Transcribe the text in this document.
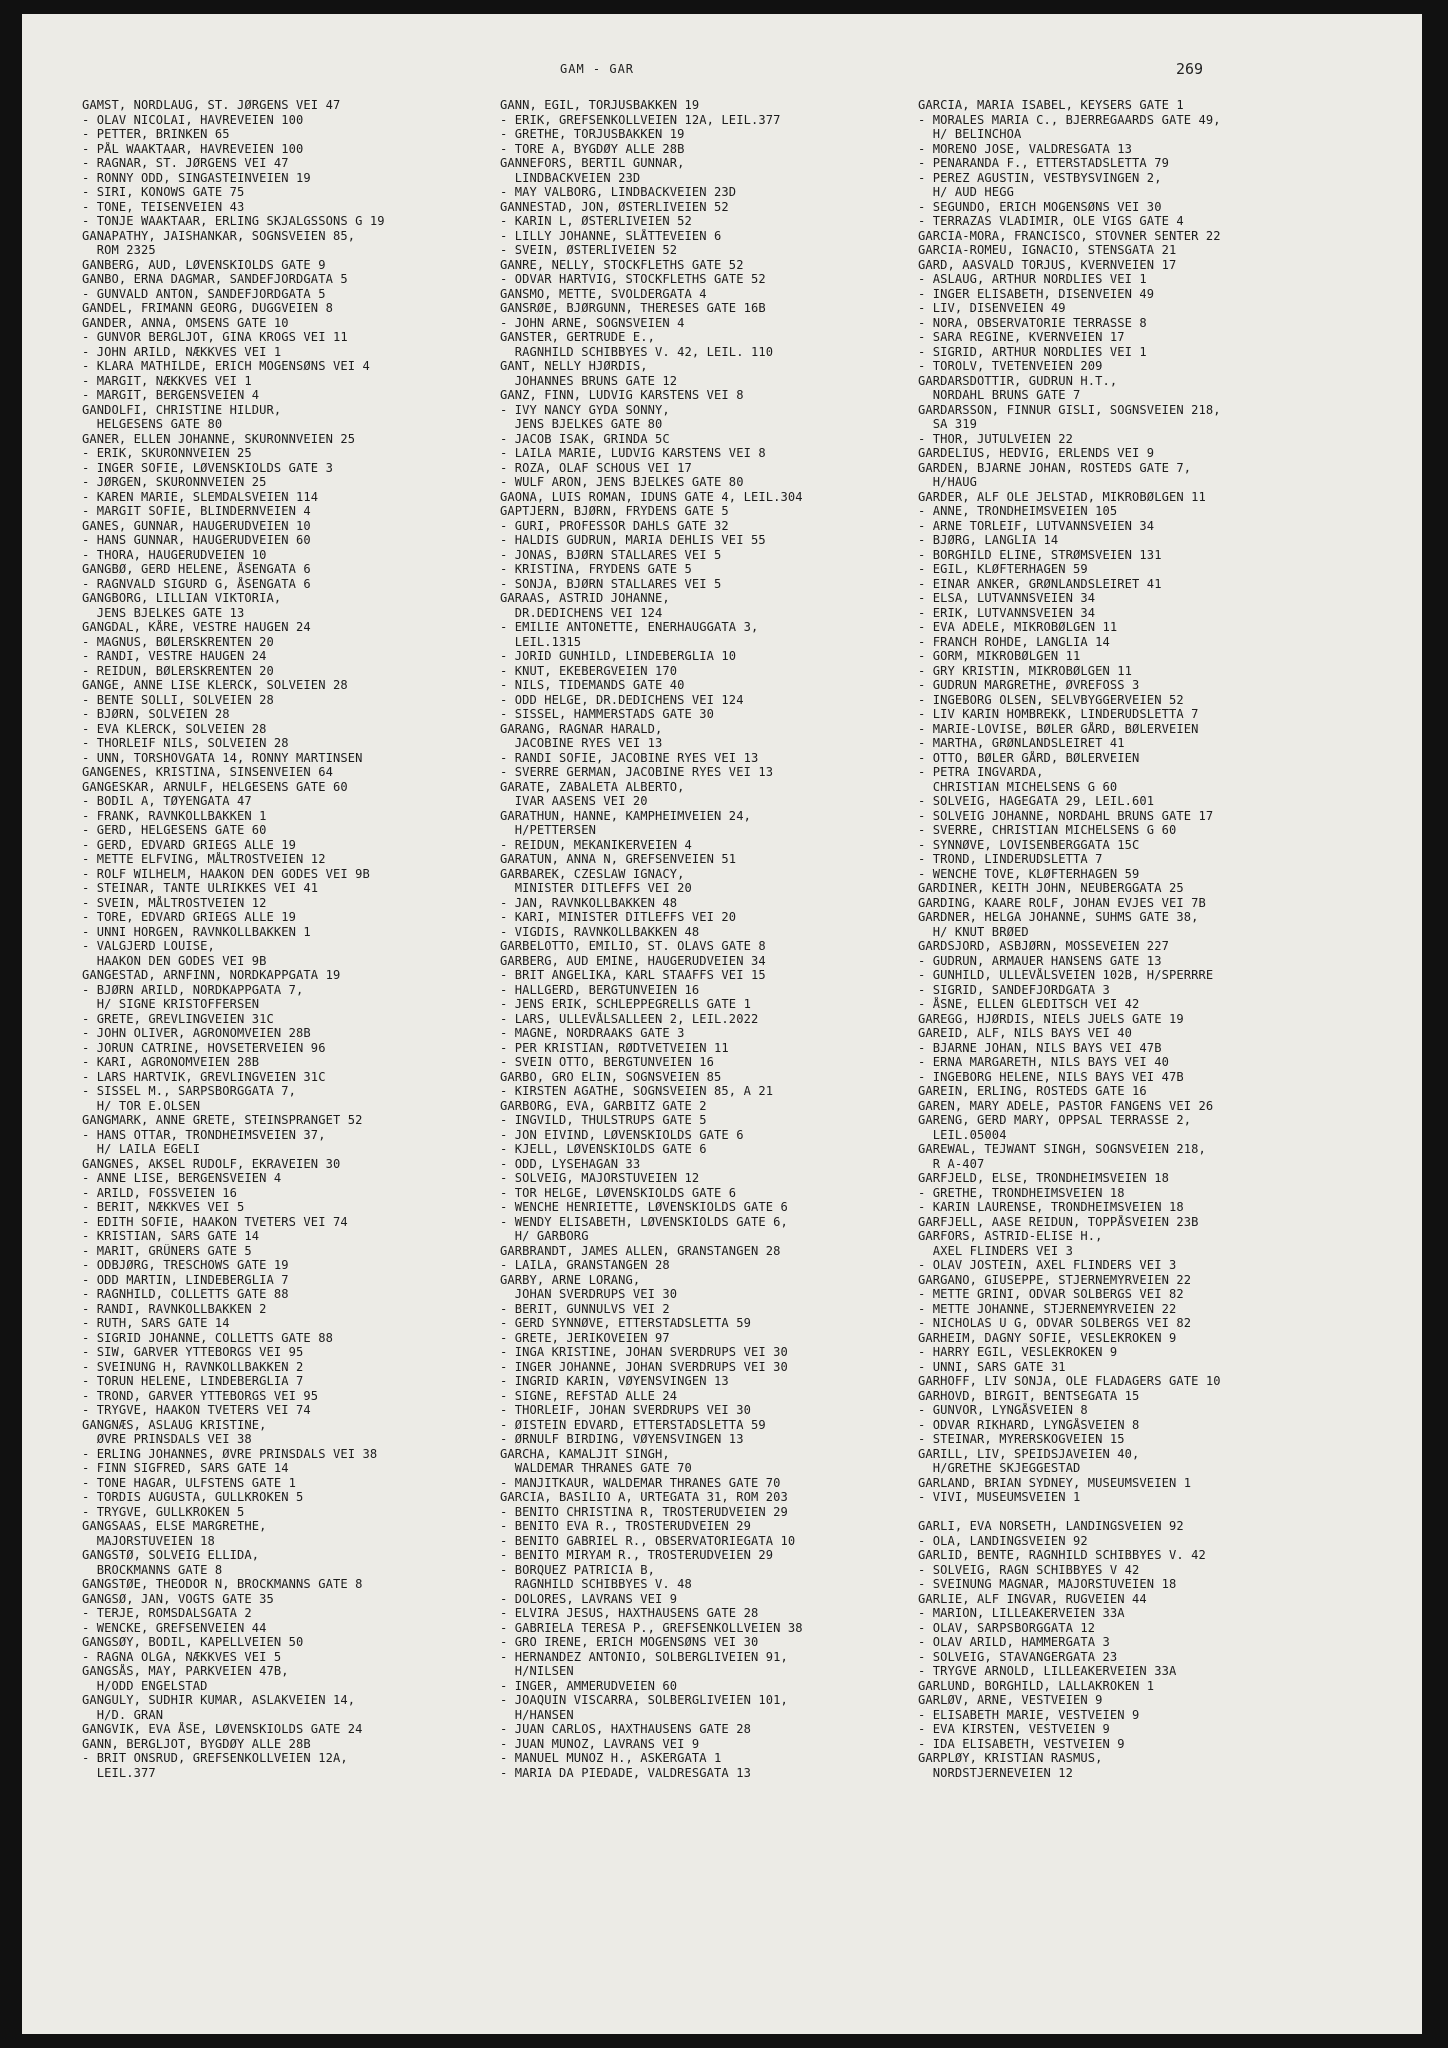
GAM - GAR	269
GAMST, NORDLAUG, ST. JØRGENS VEI 47
- OLAV NICOLAI, HAVREVEIEN 100
- PETTER, BRINKEN 65
- PÅL WAAKTAAR, HAVREVEIEN 100
- RAGNAR, ST. JØRGENS VEI 47
- RONNY ODD, SINGASTEINVEIEN 19
- SIRI, KONOWS GATE 75
- TONE, TEISENVEIEN 43
- TONJE WAAKTAAR, ERLING SKJALGSSONS G 19
GANAPATHY, JAISHANKAR, SOGNSVEIEN 85,
ROM 2325
GANBERG, AUD, LØVENSKIOLDS GATE 9
GANBO, ERNA DAGMAR, SANDEFJORDGATA 5
- GUNVALD ANTON, SANDEFJORDGATA 5
GANDEL, FRIMANN GEORG, DUGGVEIEN 8
GANDER, ANNA, OMSENS GATE 10
- GUNVOR BERGLJOT, GINA KROGS VEI 11
- JOHN ARILD, NÆKKVES VEI 1
- KLARA MATHILDE, ERICH MOGENSØNS VEI 4
- MARGIT, NÆKKVES VEI 1
- MARGIT, BERGENSVEIEN 4
GANDOLFI, CHRISTINE HILDUR,
HELGESENS GATE 80
GANER, ELLEN JOHANNE, SKURONNVEIEN 25
- ERIK, SKURONNVEIEN 25
- INGER SOFIE, LØVENSKIOLDS GATE 3
- JØRGEN, SKURONNVEIEN 25
- KAREN MARIE, SLEMDALSVEIEN 114
- MARGIT SOFIE, BLINDERNVEIEN 4
GANES, GUNNAR, HAUGERUDVEIEN 10
- HANS GUNNAR, HAUGERUDVEIEN 60
- THORA, HAUGERUDVEIEN 10
GANGBØ, GERD HELENE, ÅSENGATA 6
- RAGNVALD SIGURD G, ÅSENGATA 6
GANGBORG, LILLIAN VIKTORIA,
JENS BJELKES GATE 13
GANGDAL, KÅRE, VESTRE HAUGEN 24
- MAGNUS, BØLERSKRENTEN 20
- RANDI, VESTRE HAUGEN 24
- REIDUN, BØLERSKRENTEN 20
GANGE, ANNE LISE KLERCK, SOLVEIEN 28
- BENTE SOLLI, SOLVEIEN 28
- BJØRN, SOLVEIEN 28
- EVA KLERCK, SOLVEIEN 28
- THORLEIF NILS, SOLVEIEN 28
- UNN, TORSHOVGATA 14, RONNY MARTINSEN
GANGENES, KRISTINA, SINSENVEIEN 64
GANGESKAR, ARNULF, HELGESENS GATE 60
- BODIL A, TØYENGATA 47
- FRANK, RAVNKOLLBAKKEN 1
- GERD, HELGESENS GATE 60
- GERD, EDVARD GRIEGS ALLE 19
- METTE ELFVING, MÅLTROSTVEIEN 12
- ROLF WILHELM, HAAKON DEN GODES VEI 9B
- STEINAR, TANTE ULRIKKES VEI 41
- SVEIN, MÅLTROSTVEIEN 12
- TORE, EDVARD GRIEGS ALLE 19
- UNNI HORGEN, RAVNKOLLBAKKEN 1
- VALGJERD LOUISE,
HAAKON DEN GODES VEI 9B
GANGESTAD, ARNFINN, NORDKAPPGATA 19
- BJØRN ARILD, NORDKAPPGATA 7,
H/ SIGNE KRISTOFFERSEN
- GRETE, GREVLINGVEIEN 31C
- JOHN OLIVER, AGRONOMVEIEN 28B
- JORUN CATRINE, HOVSETERVEIEN 96
- KARI, AGRONOMVEIEN 28B
- LARS HARTVIK, GREVLINGVEIEN 31C
- SISSEL M., SARPSBORGGATA 7,
H/ TOR E.OLSEN
GANGMARK, ANNE GRETE, STEINSPRANGET 52
- HANS OTTAR, TRONDHEIMSVEIEN 37,
H/ LAILA EGELI
GANGNES, AKSEL RUDOLF, EKRAVEIEN 30
- ANNE LISE, BERGENSVEIEN 4
- ARILD, FOSSVEIEN 16
- BERIT, NÆKKVES VEI 5
- EDITH SOFIE, HAAKON TVETERS VEI 74
- KRISTIAN, SARS GATE 14
- MARIT, GRÜNERS GATE 5
- ODBJØRG, TRESCHOWS GATE 19
- ODD MARTIN, LINDEBERGLIA 7
- RAGNHILD, COLLETTS GATE 88
- RANDI, RAVNKOLLBAKKEN 2
- RUTH, SARS GATE 14
- SIGRID JOHANNE, COLLETTS GATE 88
- SIW, GARVER YTTEBORGS VEI 95
- SVEINUNG H, RAVNKOLLBAKKEN 2
- TORUN HELENE, LINDEBERGLIA 7
- TROND, GARVER YTTEBORGS VEI 95
- TRYGVE, HAAKON TVETERS VEI 74
GANGNÆS, ASLAUG KRISTINE,
ØVRE PRINSDALS VEI 38
- ERLING JOHANNES, ØVRE PRINSDALS VEI 38
- FINN SIGFRED, SARS GATE 14
- TONE HAGAR, ULFSTENS GATE 1
- TORDIS AUGUSTA, GULLKROKEN 5
- TRYGVE, GULLKROKEN 5
GANGSAAS, ELSE MARGRETHE,
MAJORSTUVEIEN 18
GANGSTØ, SOLVEIG ELLIDA,
BROCKMANNS GATE 8
GANGSTØE, THEODOR N, BROCKMANNS GATE 8
GANGSØ, JAN, VOGTS GATE 35
- TERJE, ROMSDALSGATA 2
- WENCKE, GREFSENVEIEN 44
GANGSØY, BODIL, KAPELLVEIEN 50
- RAGNA OLGA, NÆKKVES VEI 5
GANGSÅS, MAY, PARKVEIEN 47B,
H/ODD ENGELSTAD
GANGULY, SUDHIR KUMAR, ASLAKVEIEN 14,
H/D. GRAN
GANGVIK, EVA ÅSE, LØVENSKIOLDS GATE 24
GANN, BERGLJOT, BYGDØY ALLE 28B
- BRIT ONSRUD, GREFSENKOLLVEIEN 12A,
LEIL.377
GANN, EGIL, TORJUSBAKKEN 19
- ERIK, GREFSENKOLLVEIEN 12A, LEIL.377
- GRETHE, TORJUSBAKKEN 19
- TORE A, BYGDØY ALLE 28B
GANNEFORS, BERTIL GUNNAR,
LINDBACKVEIEN 23D
- MAY VALBORG, LINDBACKVEIEN 23D
GANNESTAD, JON, ØSTERLIVEIEN 52
- KARIN L, ØSTERLIVEIEN 52
- LILLY JOHANNE, SLÅTTEVEIEN 6
- SVEIN, ØSTERLIVEIEN 52
GANRE, NELLY, STOCKFLETHS GATE 52
- ODVAR HARTVIG, STOCKFLETHS GATE 52
GANSMO, METTE, SVOLDERGATA 4
GANSRØE, BJØRGUNN, THERESES GATE 16B
- JOHN ARNE, SOGNSVEIEN 4
GANSTER, GERTRUDE E.,
RAGNHILD SCHIBBYES V. 42, LEIL. 110
GANT, NELLY HJØRDIS,
JOHANNES BRUNS GATE 12
GANZ, FINN, LUDVIG KARSTENS VEI 8
- IVY NANCY GYDA SONNY,
JENS BJELKES GATE 80
- JACOB ISAK, GRINDA 5C
- LAILA MARIE, LUDVIG KARSTENS VEI 8
- ROZA, OLAF SCHOUS VEI 17
- WULF ARON, JENS BJELKES GATE 80
GAONA, LUIS ROMAN, IDUNS GATE 4, LEIL.304
GAPTJERN, BJØRN, FRYDENS GATE 5
- GURI, PROFESSOR DAHLS GATE 32
- HALDIS GUDRUN, MARIA DEHLIS VEI 55
- JONAS, BJØRN STALLARES VEI 5
- KRISTINA, FRYDENS GATE 5
- SONJA, BJØRN STALLARES VEI 5
GARAAS, ASTRID JOHANNE,
DR.DEDICHENS VEI 124
- EMILIE ANTONETTE, ENERHAUGGATA 3,
LEIL.1315
- JORID GUNHILD, LINDEBERGLIA 10
- KNUT, EKEBERGVEIEN 170
- NILS, TIDEMANDS GATE 40
- ODD HELGE, DR.DEDICHENS VEI 124
- SISSEL, HAMMERSTADS GATE 30
GARANG, RAGNAR HARALD,
JACOBINE RYES VEI 13
- RANDI SOFIE, JACOBINE RYES VEI 13
- SVERRE GERMAN, JACOBINE RYES VEI 13
GARATE, ZABALETA ALBERTO,
IVAR AASENS VEI 20
GARATHUN, HANNE, KAMPHEIMVEIEN 24,
H/PETTERSEN
- REIDUN, MEKANIKERVEIEN 4
GARATUN, ANNA N, GREFSENVEIEN 51
GARBAREK, CZESLAW IGNACY,
MINISTER DITLEFFS VEI 20
- JAN, RAVNKOLLBAKKEN 48
- KARI, MINISTER DITLEFFS VEI 20
- VIGDIS, RAVNKOLLBAKKEN 48
GARBELOTTO, EMILIO, ST. OLAVS GATE 8
GARBERG, AUD EMINE, HAUGERUDVEIEN 34
- BRIT ANGELIKA, KARL STAAFFS VEI 15
- HALLGERD, BERGTUNVEIEN 16
- JENS ERIK, SCHLEPPEGRELLS GATE 1
- LARS, ULLEVÅLSALLEEN 2, LEIL.2022
- MAGNE, NORDRAAKS GATE 3
- PER KRISTIAN, RØDTVETVEIEN 11
- SVEIN OTTO, BERGTUNVEIEN 16
GARBO, GRO ELIN, SOGNSVEIEN 85
- KIRSTEN AGATHE, SOGNSVEIEN 85, A 21
GARBORG, EVA, GARBITZ GATE 2
- INGVILD, THULSTRUPS GATE 5
- JON EIVIND, LØVENSKIOLDS GATE 6
- KJELL, LØVENSKIOLDS GATE 6
- ODD, LYSEHAGAN 33
- SOLVEIG, MAJORSTUVEIEN 12
- TOR HELGE, LØVENSKIOLDS GATE 6
- WENCHE HENRIETTE, LØVENSKIOLDS GATE 6
- WENDY ELISABETH, LØVENSKIOLDS GATE 6,
H/ GARBORG
GARBRANDT, JAMES ALLEN, GRANSTANGEN 28
- LAILA, GRANSTANGEN 28
GARBY, ARNE LORANG,
JOHAN SVERDRUPS VEI 30
- BERIT, GUNNULVS VEI 2
- GERD SYNNØVE, ETTERSTADSLETTA 59
- GRETE, JERIKOVEIEN 97
- INGA KRISTINE, JOHAN SVERDRUPS VEI 30
- INGER JOHANNE, JOHAN SVERDRUPS VEI 30
- INGRID KARIN, VØYENSVINGEN 13
- SIGNE, REFSTAD ALLE 24
- THORLEIF, JOHAN SVERDRUPS VEI 30
- ØISTEIN EDVARD, ETTERSTADSLETTA 59
- ØRNULF BIRDING, VØYENSVINGEN 13
GARCHA, KAMALJIT SINGH,
WALDEMAR THRANES GATE 70
- MANJITKAUR, WALDEMAR THRANES GATE 70
GARCIA, BASILIO A, URTEGATA 31, ROM 203
- BENITO CHRISTINA R, TROSTERUDVEIEN 29
- BENITO EVA R., TROSTERUDVEIEN 29
- BENITO GABRIEL R., OBSERVATORIEGATA 10
- BENITO MIRYAM R., TROSTERUDVEIEN 29
- BORQUEZ PATRICIA B,
RAGNHILD SCHIBBYES V. 48
- DOLORES, LAVRANS VEI 9
- ELVIRA JESUS, HAXTHAUSENS GATE 28
- GABRIELA TERESA P., GREFSENKOLLVEIEN 38
- GRO IRENE, ERICH MOGENSØNS VEI 30
- HERNANDEZ ANTONIO, SOLBERGLIVEIEN 91,
H/NILSEN
- INGER, AMMERUDVEIEN 60
- JOAQUIN VISCARRA, SOLBERGLIVEIEN 101,
H/HANSEN
- JUAN CARLOS, HAXTHAUSENS GATE 28
- JUAN MUNOZ, LAVRANS VEI 9
- MANUEL MUNOZ H., ASKERGATA 1
- MARIA DA PIEDADE, VALDRESGATA 13
GARCIA, MARIA ISABEL, KEYSERS GATE 1
- MORALES MARIA C., BJERREGAARDS GATE 49,
H/ BELINCHOA
- MORENO JOSE, VALDRESGATA 13
- PENARANDA F., ETTERSTADSLETTA 79
- PEREZ AGUSTIN, VESTBYSVINGEN 2,
H/ AUD HEGG
- SEGUNDO, ERICH MOGENSØNS VEI 30
- TERRAZAS VLADIMIR, OLE VIGS GATE 4
GARCIA-MORA, FRANCISCO, STOVNER SENTER 22
GARCIA-ROMEU, IGNACIO, STENSGATA 21
GARD, AASVALD TORJUS, KVERNVEIEN 17
- ASLAUG, ARTHUR NORDLIES VEI 1
- INGER ELISABETH, DISENVEIEN 49
- LIV, DISENVEIEN 49
- NORA, OBSERVATORIE TERRASSE 8
- SARA REGINE, KVERNVEIEN 17
- SIGRID, ARTHUR NORDLIES VEI 1
- TOROLV, TVETENVEIEN 209
GARDARSDOTTIR, GUDRUN H.T.,
NORDAHL BRUNS GATE 7
GARDARSSON, FINNUR GISLI, SOGNSVEIEN 218,
SA 319
- THOR, JUTULVEIEN 22
GARDELIUS, HEDVIG, ERLENDS VEI 9
GARDEN, BJARNE JOHAN, ROSTEDS GATE 7,
H/HAUG
GARDER, ALF OLE JELSTAD, MIKROBØLGEN 11
- ANNE, TRONDHEIMSVEIEN 105
- ARNE TORLEIF, LUTVANNSVEIEN 34
- BJØRG, LANGLIA 14
- BORGHILD ELINE, STRØMSVEIEN 131
- EGIL, KLØFTERHAGEN 59
- EINAR ANKER, GRØNLANDSLEIRET 41
- ELSA, LUTVANNSVEIEN 34
- ERIK, LUTVANNSVEIEN 34
- EVA ADELE, MIKROBØLGEN 11
- FRANCH ROHDE, LANGLIA 14
- GORM, MIKROBØLGEN 11
- GRY KRISTIN, MIKROBØLGEN 11
- GUDRUN MARGRETHE, ØVREFOSS 3
- INGEBORG OLSEN, SELVBYGGERVEIEN 52
- LIV KARIN HOMBREKK, LINDERUDSLETTA 7
- MARIE-LOVISE, BØLER GÅRD, BØLERVEIEN
- MARTHA, GRØNLANDSLEIRET 41
- OTTO, BØLER GÅRD, BØLERVEIEN
- PETRA INGVARDA,
CHRISTIAN MICHELSENS G 60
- SOLVEIG, HAGEGATA 29, LEIL.601
- SOLVEIG JOHANNE, NORDAHL BRUNS GATE 17
- SVERRE, CHRISTIAN MICHELSENS G 60
- SYNNØVE, LOVISENBERGGATA 15C
- TROND, LINDERUDSLETTA 7
- WENCHE TOVE, KLØFTERHAGEN 59
GARDINER, KEITH JOHN, NEUBERGGATA 25
GARDING, KAARE ROLF, JOHAN EVJES VEI 7B
GARDNER, HELGA JOHANNE, SUHMS GATE 38,
H/ KNUT BRØED
GARDSJORD, ASBJØRN, MOSSEVEIEN 227
- GUDRUN, ARMAUER HANSENS GATE 13
- GUNHILD, ULLEVÅLSVEIEN 102B, H/SPERRRE
- SIGRID, SANDEFJORDGATA 3
- ÅSNE, ELLEN GLEDITSCH VEI 42
GAREGG, HJØRDIS, NIELS JUELS GATE 19
GAREID, ALF, NILS BAYS VEI 40
- BJARNE JOHAN, NILS BAYS VEI 47B
- ERNA MARGARETH, NILS BAYS VEI 40
- INGEBORG HELENE, NILS BAYS VEI 47B
GAREIN, ERLING, ROSTEDS GATE 16
GAREN, MARY ADELE, PASTOR FANGENS VEI 26
GARENG, GERD MARY, OPPSAL TERRASSE 2,
LEIL.05004
GAREWAL, TEJWANT SINGH, SOGNSVEIEN 218,
R A-407
GARFJELD, ELSE, TRONDHEIMSVEIEN 18
- GRETHE, TRONDHEIMSVEIEN 18
- KARIN LAURENSE, TRONDHEIMSVEIEN 18
GARFJELL, AASE REIDUN, TOPPÅSVEIEN 23B
GARFORS, ASTRID-ELISE H.,
AXEL FLINDERS VEI 3
- OLAV JOSTEIN, AXEL FLINDERS VEI 3
GARGANO, GIUSEPPE, STJERNEMYRVEIEN 22
- METTE GRINI, ODVAR SOLBERGS VEI 82
- METTE JOHANNE, STJERNEMYRVEIEN 22
- NICHOLAS U G, ODVAR SOLBERGS VEI 82
GARHEIM, DAGNY SOFIE, VESLEKROKEN 9
- HARRY EGIL, VESLEKROKEN 9
- UNNI, SARS GATE 31
GARHOFF, LIV SONJA, OLE FLADAGERS GATE 10
GARHOVD, BIRGIT, BENTSEGATA 15
- GUNVOR, LYNGÅSVEIEN 8
- ODVAR RIKHARD, LYNGÅSVEIEN 8
- STEINAR, MYRERSKOGVEIEN 15
GARILL, LIV, SPEIDSJAVEIEN 40,
H/GRETHE SKJEGGESTAD
GARLAND, BRIAN SYDNEY, MUSEUMSVEIEN 1
- VIVI, MUSEUMSVEIEN 1
GARLI, EVA NORSETH, LANDINGSVEIEN 92
- OLA, LANDINGSVEIEN 92
GARLID, BENTE, RAGNHILD SCHIBBYES V. 42
- SOLVEIG, RAGN SCHIBBYES V 42
- SVEINUNG MAGNAR, MAJORSTUVEIEN 18
GARLIE, ALF INGVAR, RUGVEIEN 44
- MARION, LILLEAKERVEIEN 33A
- OLAV, SARPSBORGGATA 12
- OLAV ARILD, HAMMERGATA 3
- SOLVEIG, STAVANGERGATA 23
- TRYGVE ARNOLD, LILLEAKERVEIEN 33A
GARLUND, BORGHILD, LALLAKROKEN 1
GARLØV, ARNE, VESTVEIEN 9
- ELISABETH MARIE, VESTVEIEN 9
- EVA KIRSTEN, VESTVEIEN 9
- IDA ELISABETH, VESTVEIEN 9
GARPLØY, KRISTIAN RASMUS,
NORDSTJERNEVEIEN 12
